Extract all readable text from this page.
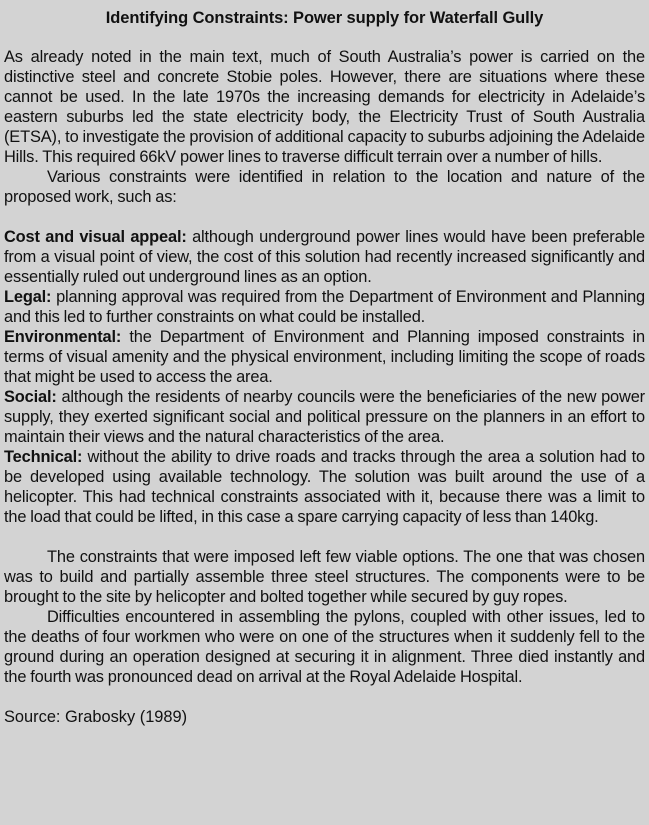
Identifying Constraints: Power supply for Waterfall Gully

As already noted in the main text, much of South Australia’s power is carried on the distinctive steel and concrete Stobie poles. However, there are situations where these cannot be used. In the late 1970s the increasing demands for electricity in Adelaide’s eastern suburbs led the state electricity body, the Electricity Trust of South Australia (ETSA), to investigate the provision of additional capacity to suburbs adjoining the Adelaide Hills. This required 66kV power lines to traverse difficult terrain over a number of hills.

Various constraints were identified in relation to the location and nature of the proposed work, such as:

Cost and visual appeal: although underground power lines would have been preferable from a visual point of view, the cost of this solution had recently increased significantly and essentially ruled out underground lines as an option.

Legal: planning approval was required from the Department of Environment and Planning and this led to further constraints on what could be installed.

Environmental: the Department of Environment and Planning imposed constraints in terms of visual amenity and the physical environment, including limiting the scope of roads that might be used to access the area.

Social: although the residents of nearby councils were the beneficiaries of the new power supply, they exerted significant social and political pressure on the planners in an effort to maintain their views and the natural characteristics of the area.

Technical: without the ability to drive roads and tracks through the area a solution had to be developed using available technology. The solution was built around the use of a helicopter. This had technical constraints associated with it, because there was a limit to the load that could be lifted, in this case a spare carrying capacity of less than 140kg.

The constraints that were imposed left few viable options. The one that was chosen was to build and partially assemble three steel structures. The components were to be brought to the site by helicopter and bolted together while secured by guy ropes.

Difficulties encountered in assembling the pylons, coupled with other issues, led to the deaths of four workmen who were on one of the structures when it suddenly fell to the ground during an operation designed at securing it in alignment. Three died instantly and the fourth was pronounced dead on arrival at the Royal Adelaide Hospital.

Source: Grabosky (1989)
